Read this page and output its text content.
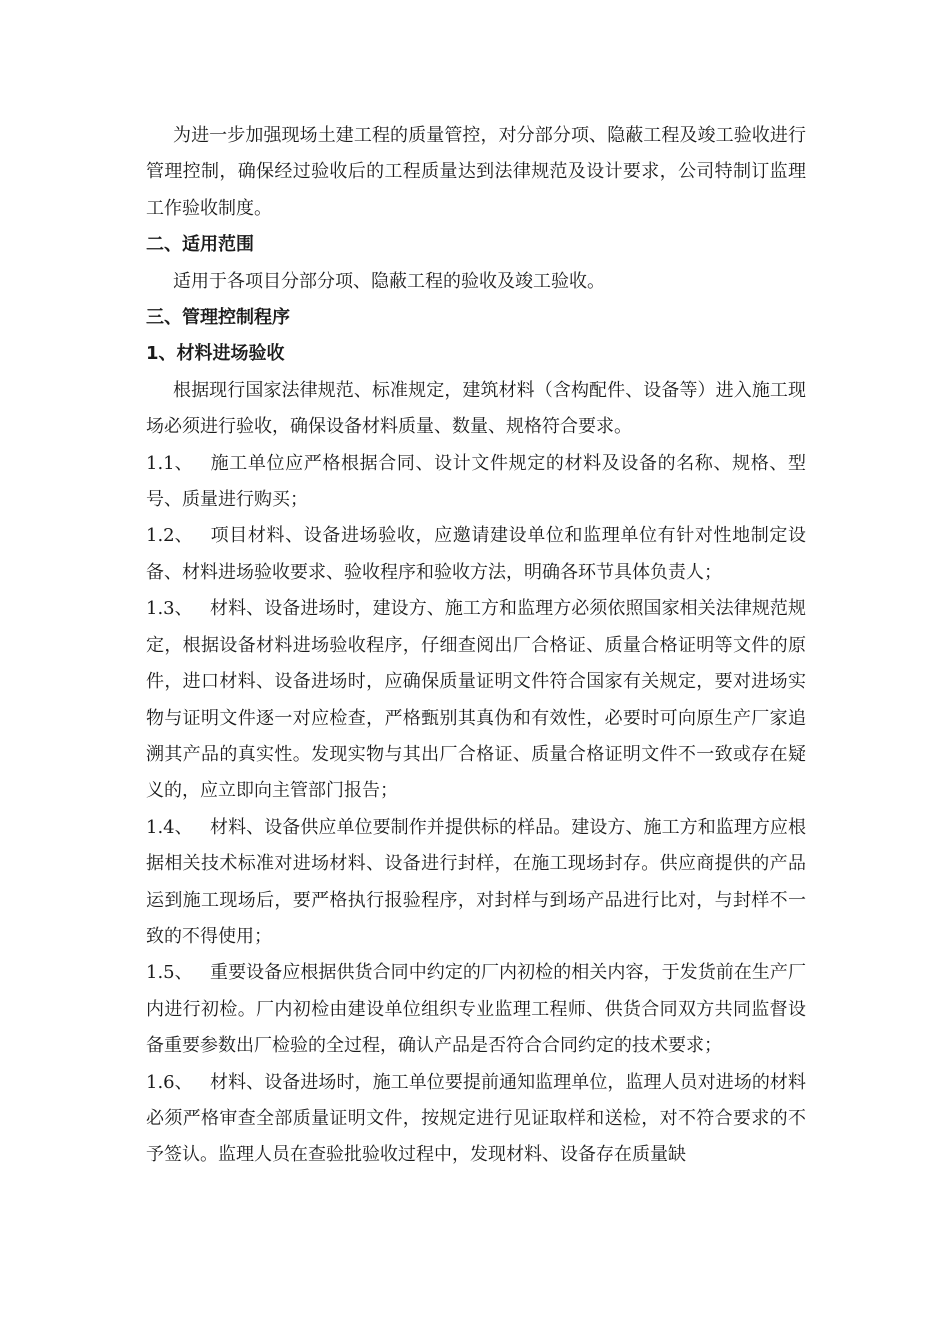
为进一步加强现场土建工程的质量管控，对分部分项、隐蔽工程及竣工验收进行管理控制，确保经过验收后的工程质量达到法律规范及设计要求，公司特制订监理工作验收制度。

二、适用范围

适用于各项目分部分项、隐蔽工程的验收及竣工验收。

三、管理控制程序

1、材料进场验收

根据现行国家法律规范、标准规定，建筑材料（含构配件、设备等）进入施工现场必须进行验收，确保设备材料质量、数量、规格符合要求。

1.1、 施工单位应严格根据合同、设计文件规定的材料及设备的名称、规格、型号、质量进行购买；

1.2、 项目材料、设备进场验收，应邀请建设单位和监理单位有针对性地制定设备、材料进场验收要求、验收程序和验收方法，明确各环节具体负责人；

1.3、 材料、设备进场时，建设方、施工方和监理方必须依照国家相关法律规范规定，根据设备材料进场验收程序，仔细查阅出厂合格证、质量合格证明等文件的原件，进口材料、设备进场时，应确保质量证明文件符合国家有关规定，要对进场实物与证明文件逐一对应检查，严格甄别其真伪和有效性，必要时可向原生产厂家追溯其产品的真实性。发现实物与其出厂合格证、质量合格证明文件不一致或存在疑义的，应立即向主管部门报告；

1.4、 材料、设备供应单位要制作并提供标的样品。建设方、施工方和监理方应根据相关技术标准对进场材料、设备进行封样，在施工现场封存。供应商提供的产品运到施工现场后，要严格执行报验程序，对封样与到场产品进行比对，与封样不一致的不得使用；

1.5、 重要设备应根据供货合同中约定的厂内初检的相关内容，于发货前在生产厂内进行初检。厂内初检由建设单位组织专业监理工程师、供货合同双方共同监督设备重要参数出厂检验的全过程，确认产品是否符合合同约定的技术要求；

1.6、 材料、设备进场时，施工单位要提前通知监理单位，监理人员对进场的材料必须严格审查全部质量证明文件，按规定进行见证取样和送检，对不符合要求的不予签认。监理人员在查验批验收过程中，发现材料、设备存在质量缺
